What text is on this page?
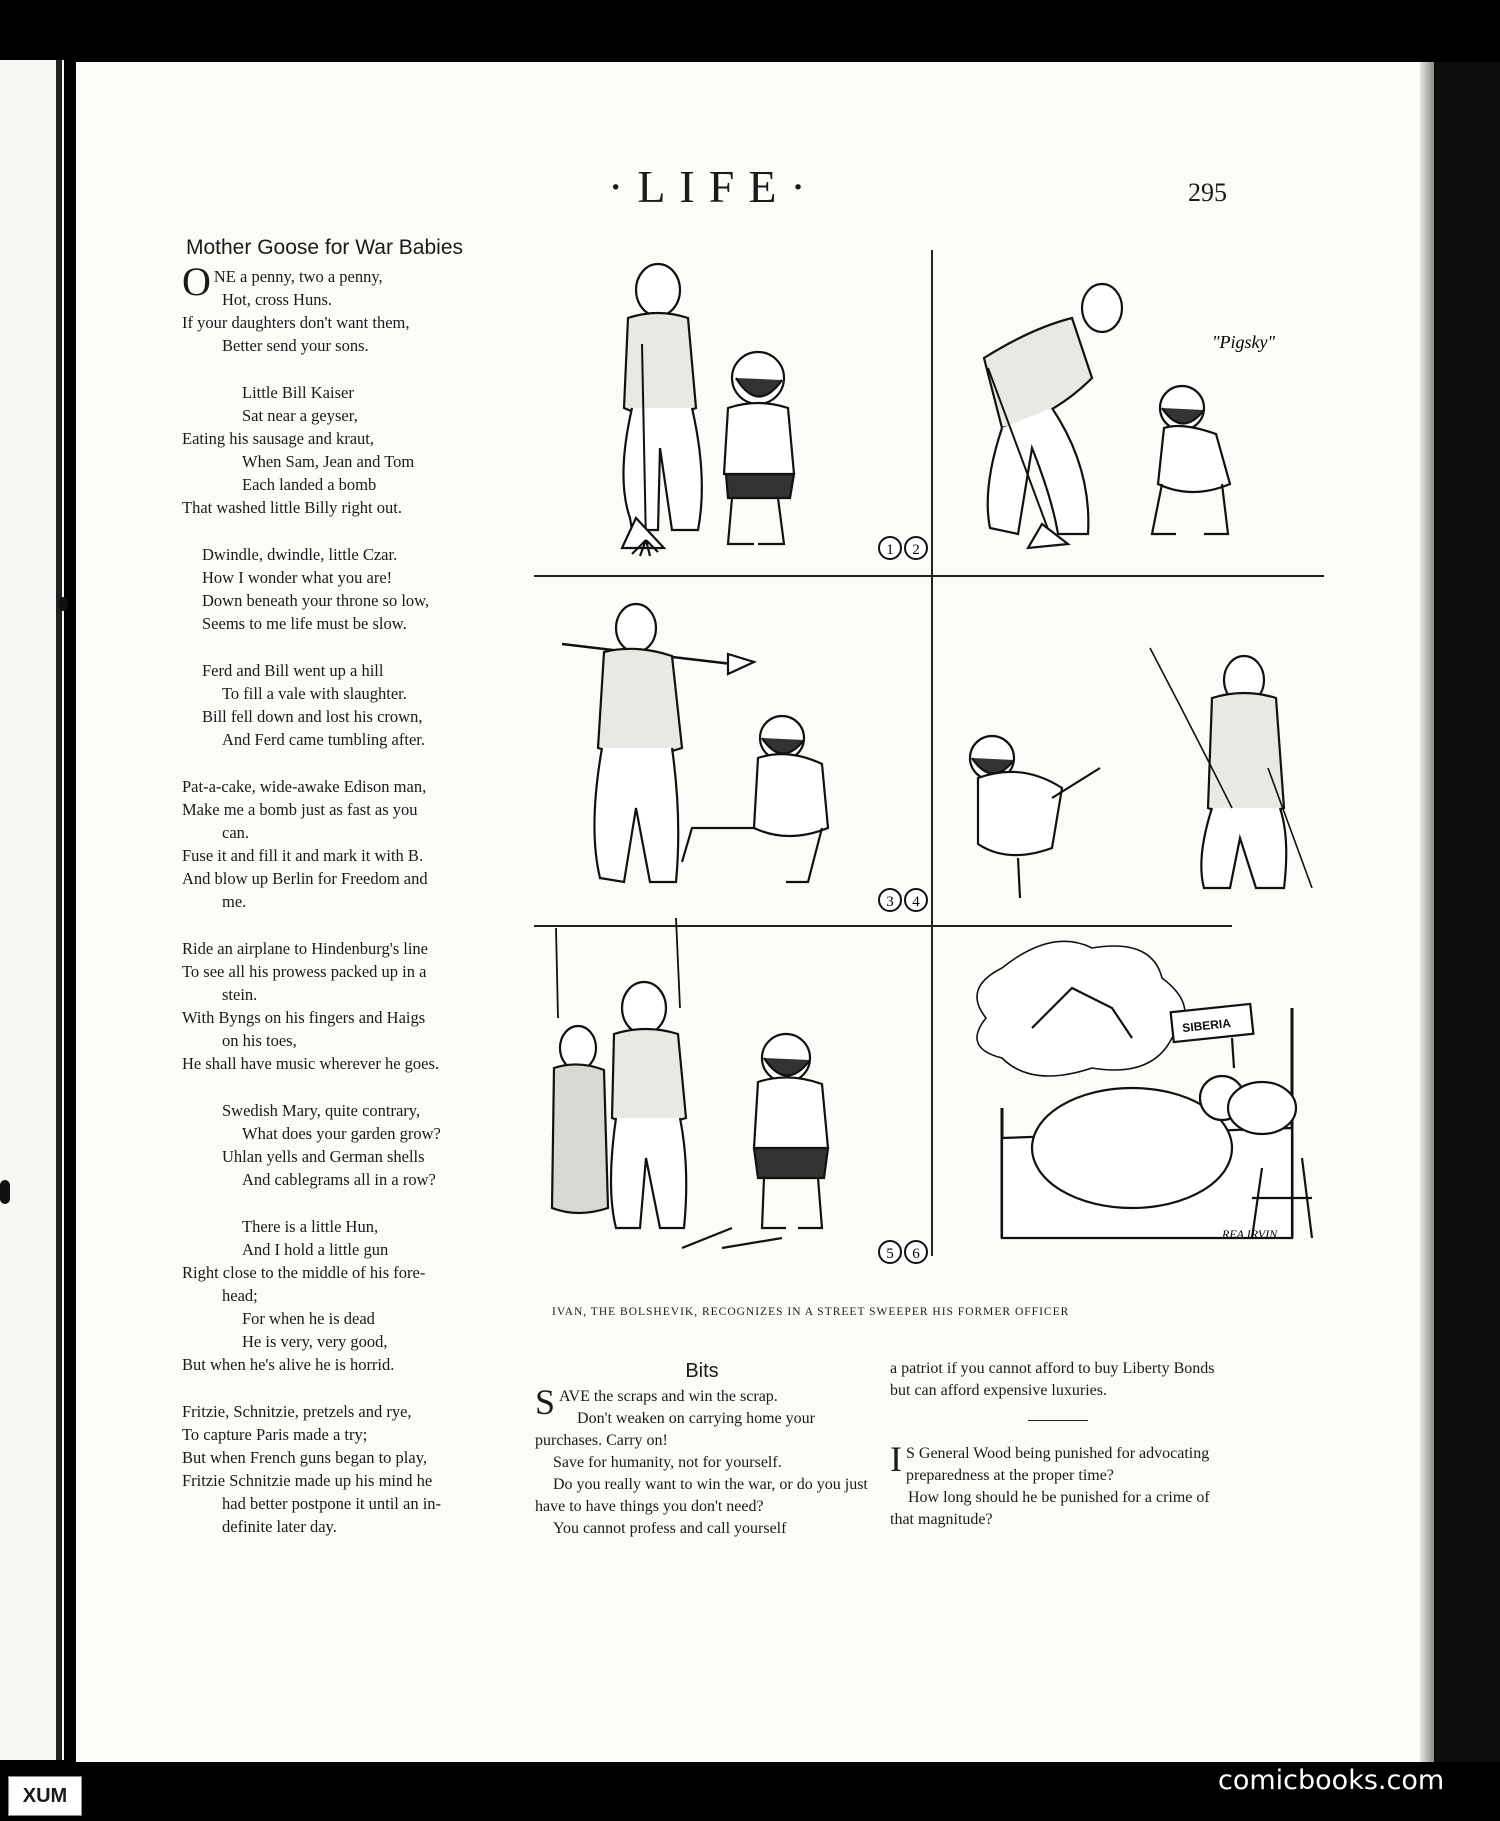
·LIFE·	295
Mother Goose for War Babies
ONE a penny, two a penny,
Hot, cross Huns.
If your daughters don't want them,
Better send your sons.
Little Bill Kaiser
Sat near a geyser,
Eating his sausage and kraut,
When Sam, Jean and Tom
Each landed a bomb
That washed little Billy right out.
Dwindle, dwindle, little Czar.
How I wonder what you are!
Down beneath your throne so low,
Seems to me life must be slow.
Ferd and Bill went up a hill
To fill a vale with slaughter.
Bill fell down and lost his crown,
And Ferd came tumbling after.
Pat-a-cake, wide-awake Edison man,
Make me a bomb just as fast as you
can.
Fuse it and fill it and mark it with B.
And blow up Berlin for Freedom and
me.
Ride an airplane to Hindenburg's line
To see all his prowess packed up in a
stein.
With Byngs on his fingers and Haigs
on his toes,
He shall have music wherever he goes.
Swedish Mary, quite contrary,
What does your garden grow?
Uhlan yells and German shells
And cablegrams all in a row?
There is a little Hun,
And I hold a little gun
Right close to the middle of his fore-
head;
For when he is dead
He is very, very good,
But when he's alive he is horrid.
Fritzie, Schnitzie, pretzels and rye,
To capture Paris made a try;
But when French guns began to play,
Fritzie Schnitzie made up his mind he
had better postpone it until an in-
definite later day.
1
"Pigsky"
2
3 4
5
SIBERIA
REA IRVIN
6
IVAN, THE BOLSHEVIK, RECOGNIZES IN A STREET SWEEPER HIS FORMER OFFICER
Bits

SAVE the scraps and win the scrap.

Don't weaken on carrying home your purchases. Carry on!

Save for humanity, not for yourself.

Do you really want to win the war, or do you just have to have things you don't need?

You cannot profess and call yourself

a patriot if you cannot afford to buy Liberty Bonds but can afford expensive luxuries.

I S General Wood being punished for advocating preparedness at the proper time?

How long should he be punished for a crime of that magnitude?

XUM	comicbooks.com
